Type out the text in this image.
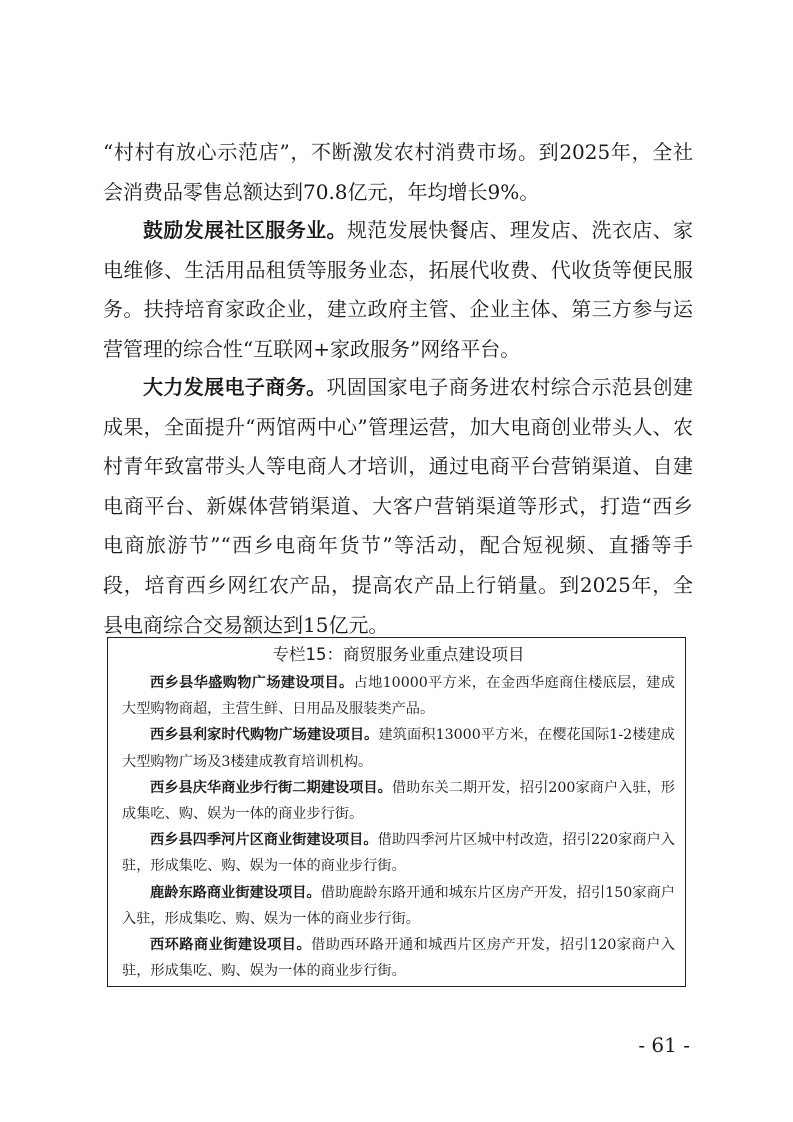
“村村有放心示范店”，不断激发农村消费市场。到2025年，全社会消费品零售总额达到70.8亿元，年均增长9%。

鼓励发展社区服务业。规范发展快餐店、理发店、洗衣店、家电维修、生活用品租赁等服务业态，拓展代收费、代收货等便民服务。扶持培育家政企业，建立政府主管、企业主体、第三方参与运营管理的综合性“互联网+家政服务”网络平台。

大力发展电子商务。巩固国家电子商务进农村综合示范县创建成果，全面提升“两馆两中心”管理运营，加大电商创业带头人、农村青年致富带头人等电商人才培训，通过电商平台营销渠道、自建电商平台、新媒体营销渠道、大客户营销渠道等形式，打造“西乡电商旅游节”“西乡电商年货节”等活动，配合短视频、直播等手段，培育西乡网红农产品，提高农产品上行销量。到2025年，全县电商综合交易额达到15亿元。

专栏15：商贸服务业重点建设项目

西乡县华盛购物广场建设项目。占地10000平方米，在金西华庭商住楼底层，建成大型购物商超，主营生鲜、日用品及服装类产品。

西乡县利家时代购物广场建设项目。建筑面积13000平方米，在樱花国际1-2楼建成大型购物广场及3楼建成教育培训机构。

西乡县庆华商业步行街二期建设项目。借助东关二期开发，招引200家商户入驻，形成集吃、购、娱为一体的商业步行街。

西乡县四季河片区商业街建设项目。借助四季河片区城中村改造，招引220家商户入驻，形成集吃、购、娱为一体的商业步行街。

鹿龄东路商业街建设项目。借助鹿龄东路开通和城东片区房产开发，招引150家商户入驻，形成集吃、购、娱为一体的商业步行街。

西环路商业街建设项目。借助西环路开通和城西片区房产开发，招引120家商户入驻，形成集吃、购、娱为一体的商业步行街。

- 61 -
